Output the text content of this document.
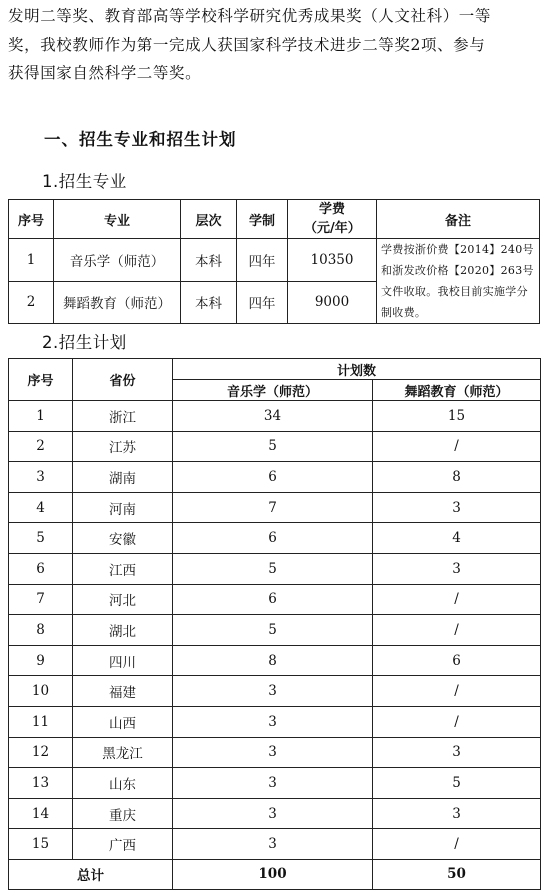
发明二等奖、教育部高等学校科学研究优秀成果奖（人文社科）一等
奖，我校教师作为第一完成人获国家科学技术进步二等奖2项、参与
获得国家自然科学二等奖。
一、招生专业和招生计划
1.招生专业
序号	专业	层次	学制	学费（元/年）	备注
1	音乐学（师范）	本科	四年	10350	学费按浙价费【2014】240号和浙发改价格【2020】263号文件收取。我校目前实施学分制收费。
2	舞蹈教育（师范）	本科	四年	9000	
2.招生计划
序号	省份	计划数	
		音乐学（师范）	舞蹈教育（师范）
1	浙江	34	15
2	江苏	5	/
3	湖南	6	8
4	河南	7	3
5	安徽	6	4
6	江西	5	3
7	河北	6	/
8	湖北	5	/
9	四川	8	6
10	福建	3	/
11	山西	3	/
12	黑龙江	3	3
13	山东	3	5
14	重庆	3	3
15	广西	3	/
总计		100	50
